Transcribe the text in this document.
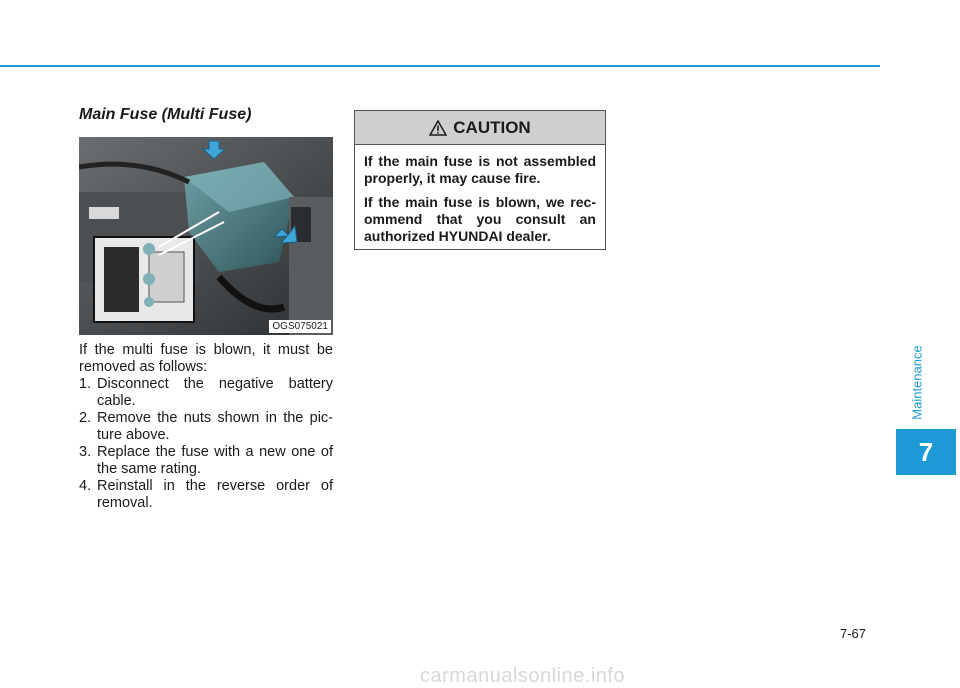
Main Fuse (Multi Fuse)
OGS075021

If the multi fuse is blown, it must be removed as follows:

1. Disconnect the negative battery cable.
2. Remove the nuts shown in the pic-ture above.
3. Replace the fuse with a new one of the same rating.
4. Reinstall in the reverse order of removal.
CAUTION

If the main fuse is not assembled properly, it may cause fire.

If the main fuse is blown, we rec-ommend that you consult an authorized HYUNDAI dealer.

Maintenance
7
7-67
carmanualsonline.info
